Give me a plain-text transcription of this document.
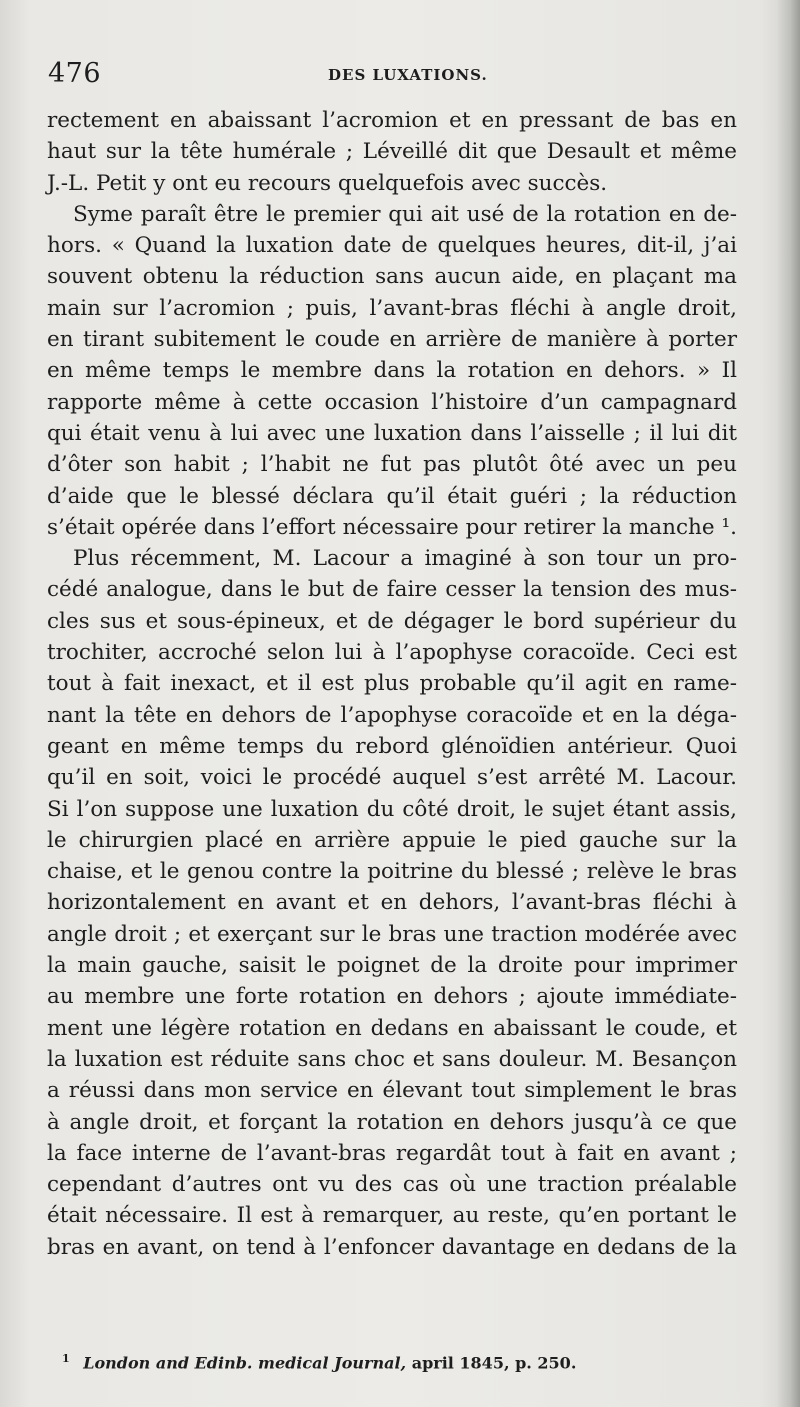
476	DES LUXATIONS.
rectement en abaissant l’acromion et en pressant de bas en
haut sur la tête humérale ; Léveillé dit que Desault et même
J.-L. Petit y ont eu recours quelquefois avec succès.
Syme paraît être le premier qui ait usé de la rotation en de-
hors. « Quand la luxation date de quelques heures, dit-il, j’ai
souvent obtenu la réduction sans aucun aide, en plaçant ma
main sur l’acromion ; puis, l’avant-bras fléchi à angle droit,
en tirant subitement le coude en arrière de manière à porter
en même temps le membre dans la rotation en dehors. » Il
rapporte même à cette occasion l’histoire d’un campagnard
qui était venu à lui avec une luxation dans l’aisselle ; il lui dit
d’ôter son habit ; l’habit ne fut pas plutôt ôté avec un peu
d’aide que le blessé déclara qu’il était guéri ; la réduction
s’était opérée dans l’effort nécessaire pour retirer la manche ¹.
Plus récemment, M. Lacour a imaginé à son tour un pro-
cédé analogue, dans le but de faire cesser la tension des mus-
cles sus et sous-épineux, et de dégager le bord supérieur du
trochiter, accroché selon lui à l’apophyse coracoïde. Ceci est
tout à fait inexact, et il est plus probable qu’il agit en rame-
nant la tête en dehors de l’apophyse coracoïde et en la déga-
geant en même temps du rebord glénoïdien antérieur. Quoi
qu’il en soit, voici le procédé auquel s’est arrêté M. Lacour.
Si l’on suppose une luxation du côté droit, le sujet étant assis,
le chirurgien placé en arrière appuie le pied gauche sur la
chaise, et le genou contre la poitrine du blessé ; relève le bras
horizontalement en avant et en dehors, l’avant-bras fléchi à
angle droit ; et exerçant sur le bras une traction modérée avec
la main gauche, saisit le poignet de la droite pour imprimer
au membre une forte rotation en dehors ; ajoute immédiate-
ment une légère rotation en dedans en abaissant le coude, et
la luxation est réduite sans choc et sans douleur. M. Besançon
a réussi dans mon service en élevant tout simplement le bras
à angle droit, et forçant la rotation en dehors jusqu’à ce que
la face interne de l’avant-bras regardât tout à fait en avant ;
cependant d’autres ont vu des cas où une traction préalable
était nécessaire. Il est à remarquer, au reste, qu’en portant le
bras en avant, on tend à l’enfoncer davantage en dedans de la
$^1$ London and Edinb. medical Journal, april 1845, p. 250.
